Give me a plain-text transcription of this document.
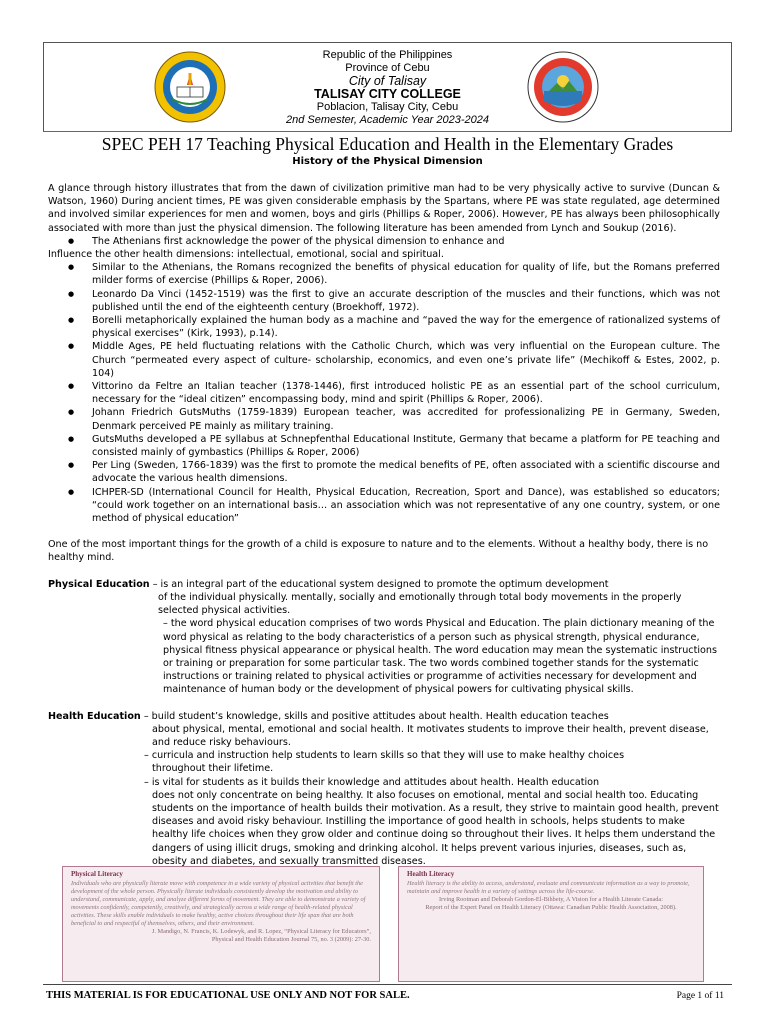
Republic of the Philippines
Province of Cebu
City of Talisay
TALISAY CITY COLLEGE
Poblacion, Talisay City, Cebu
2nd Semester, Academic Year 2023-2024
SPEC PEH 17 Teaching Physical Education and Health in the Elementary Grades
History of the Physical Dimension

A glance through history illustrates that from the dawn of civilization primitive man had to be very physically active to survive (Duncan & Watson, 1960) During ancient times, PE was given considerable emphasis by the Spartans, where PE was state regulated, age determined and involved similar experiences for men and women, boys and girls (Phillips & Roper, 2006). However, PE has always been philosophically associated with more than just the physical dimension. The following literature has been amended from Lynch and Soukup (2016).

● The Athenians first acknowledge the power of the physical dimension to enhance and

Influence the other health dimensions: intellectual, emotional, social and spiritual.

● Similar to the Athenians, the Romans recognized the benefits of physical education for quality of life, but the Romans preferred milder forms of exercise (Phillips & Roper, 2006).
● Leonardo Da Vinci (1452-1519) was the first to give an accurate description of the muscles and their functions, which was not published until the end of the eighteenth century (Broekhoff, 1972).
● Borelli metaphorically explained the human body as a machine and “paved the way for the emergence of rationalized systems of physical exercises” (Kirk, 1993), p.14).
● Middle Ages, PE held fluctuating relations with the Catholic Church, which was very influential on the European culture. The Church “permeated every aspect of culture- scholarship, economics, and even one’s private life” (Mechikoff & Estes, 2002, p. 104)
● Vittorino da Feltre an Italian teacher (1378-1446), first introduced holistic PE as an essential part of the school curriculum, necessary for the “ideal citizen” encompassing body, mind and spirit (Phillips & Roper, 2006).
● Johann Friedrich GutsMuths (1759-1839) European teacher, was accredited for professionalizing PE in Germany, Sweden, Denmark perceived PE mainly as military training.
● GutsMuths developed a PE syllabus at Schnepfenthal Educational Institute, Germany that became a platform for PE teaching and consisted mainly of gymbastics (Phillips & Roper, 2006)
● Per Ling (Sweden, 1766-1839) was the first to promote the medical benefits of PE, often associated with a scientific discourse and advocate the various health dimensions.
● ICHPER-SD (International Council for Health, Physical Education, Recreation, Sport and Dance), was established so educators; “could work together on an international basis… an association which was not representative of any one country, system, or one method of physical education”

One of the most important things for the growth of a child is exposure to nature and to the elements. Without a healthy body, there is no healthy mind.

Physical Education – is an integral part of the educational system designed to promote the optimum development

of the individual physically. mentally, socially and emotionally through total body movements in the properly selected physical activities.

– the word physical education comprises of two words Physical and Education. The plain dictionary meaning of the word physical as relating to the body characteristics of a person such as physical strength, physical endurance, physical fitness physical appearance or physical health. The word education may mean the systematic instructions or training or preparation for some particular task. The two words combined together stands for the systematic instructions or training related to physical activities or programme of activities necessary for development and maintenance of human body or the development of physical powers for cultivating physical skills.

Health Education – build student’s knowledge, skills and positive attitudes about health. Health education teaches

about physical, mental, emotional and social health. It motivates students to improve their health, prevent disease, and reduce risky behaviours.

– curricula and instruction help students to learn skills so that they will use to make healthy choices

throughout their lifetime.

– is vital for students as it builds their knowledge and attitudes about health. Health education

does not only concentrate on being healthy. It also focuses on emotional, mental and social health too. Educating students on the importance of health builds their motivation. As a result, they strive to maintain good health, prevent diseases and avoid risky behaviour. Instilling the importance of good health in schools, helps students to make healthy life choices when they grow older and continue doing so throughout their lives. It helps them understand the dangers of using illicit drugs, smoking and drinking alcohol. It helps prevent various injuries, diseases, such as, obesity and diabetes, and sexually transmitted diseases.

Physical Literacy
Individuals who are physically literate move with competence in a wide variety of physical activities that benefit the development of the whole person. Physically literate individuals consistently develop the motivation and ability to understand, communicate, apply, and analyze different forms of movement. They are able to demonstrate a variety of movements confidently, competently, creatively, and strategically across a wide range of health-related physical activities. These skills enable individuals to make healthy, active choices throughout their life span that are both beneficial to and respectful of themselves, others, and their environment.
J. Mandigo, N. Francis, K. Lodewyk, and R. Lopez, “Physical Literacy for Educators”,
Physical and Health Education Journal 75, no. 3 (2009): 27-30.
Health Literacy
Health literacy is the ability to access, understand, evaluate and communicate information as a way to promote, maintain and improve health in a variety of settings across the life-course.
Irving Rootman and Deborah Gordon-El-Bihbety, A Vision for a Health Literate Canada:
Report of the Expert Panel on Health Literacy (Ottawa: Canadian Public Health Association, 2008).
THIS MATERIAL IS FOR EDUCATIONAL USE ONLY AND NOT FOR SALE.	Page 1 of 11
